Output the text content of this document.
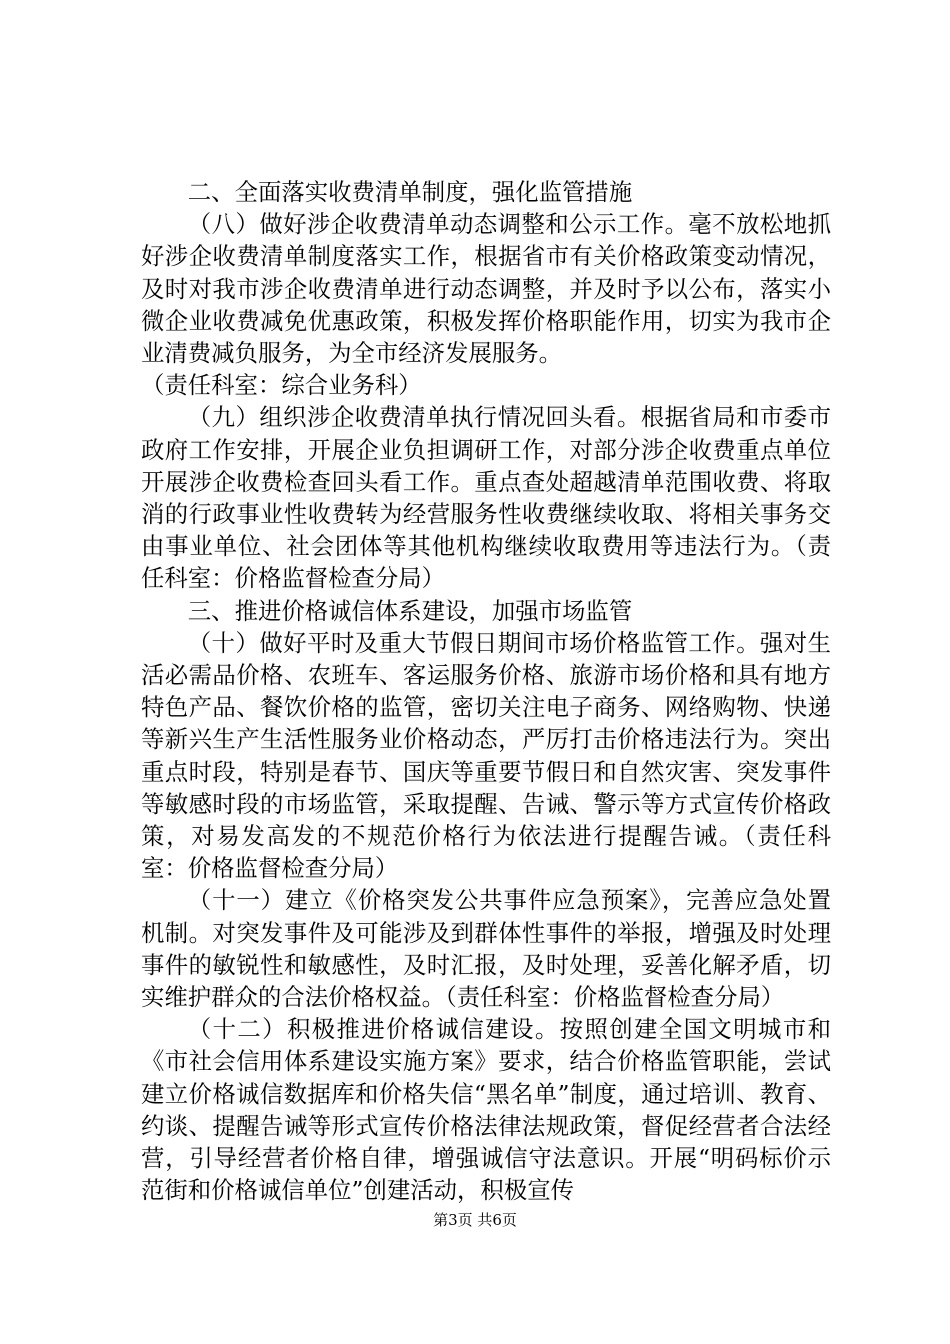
二、全面落实收费清单制度，强化监管措施

（八）做好涉企收费清单动态调整和公示工作。毫不放松地抓好涉企收费清单制度落实工作，根据省市有关价格政策变动情况，及时对我市涉企收费清单进行动态调整，并及时予以公布，落实小微企业收费减免优惠政策，积极发挥价格职能作用，切实为我市企业清费减负服务，为全市经济发展服务。

（责任科室：综合业务科）

（九）组织涉企收费清单执行情况回头看。根据省局和市委市政府工作安排，开展企业负担调研工作，对部分涉企收费重点单位开展涉企收费检查回头看工作。重点查处超越清单范围收费、将取消的行政事业性收费转为经营服务性收费继续收取、将相关事务交由事业单位、社会团体等其他机构继续收取费用等违法行为。（责任科室：价格监督检查分局）

三、推进价格诚信体系建设，加强市场监管

（十）做好平时及重大节假日期间市场价格监管工作。强对生活必需品价格、农班车、客运服务价格、旅游市场价格和具有地方特色产品、餐饮价格的监管，密切关注电子商务、网络购物、快递等新兴生产生活性服务业价格动态，严厉打击价格违法行为。突出重点时段，特别是春节、国庆等重要节假日和自然灾害、突发事件等敏感时段的市场监管，采取提醒、告诫、警示等方式宣传价格政策，对易发高发的不规范价格行为依法进行提醒告诫。（责任科室：价格监督检查分局）

（十一）建立《价格突发公共事件应急预案》，完善应急处置机制。对突发事件及可能涉及到群体性事件的举报，增强及时处理事件的敏锐性和敏感性，及时汇报，及时处理，妥善化解矛盾，切实维护群众的合法价格权益。（责任科室：价格监督检查分局）

（十二）积极推进价格诚信建设。按照创建全国文明城市和《市社会信用体系建设实施方案》要求，结合价格监管职能，尝试建立价格诚信数据库和价格失信“黑名单”制度，通过培训、教育、约谈、提醒告诫等形式宣传价格法律法规政策，督促经营者合法经营，引导经营者价格自律，增强诚信守法意识。开展“明码标价示范街和价格诚信单位”创建活动，积极宣传

第3页 共6页
